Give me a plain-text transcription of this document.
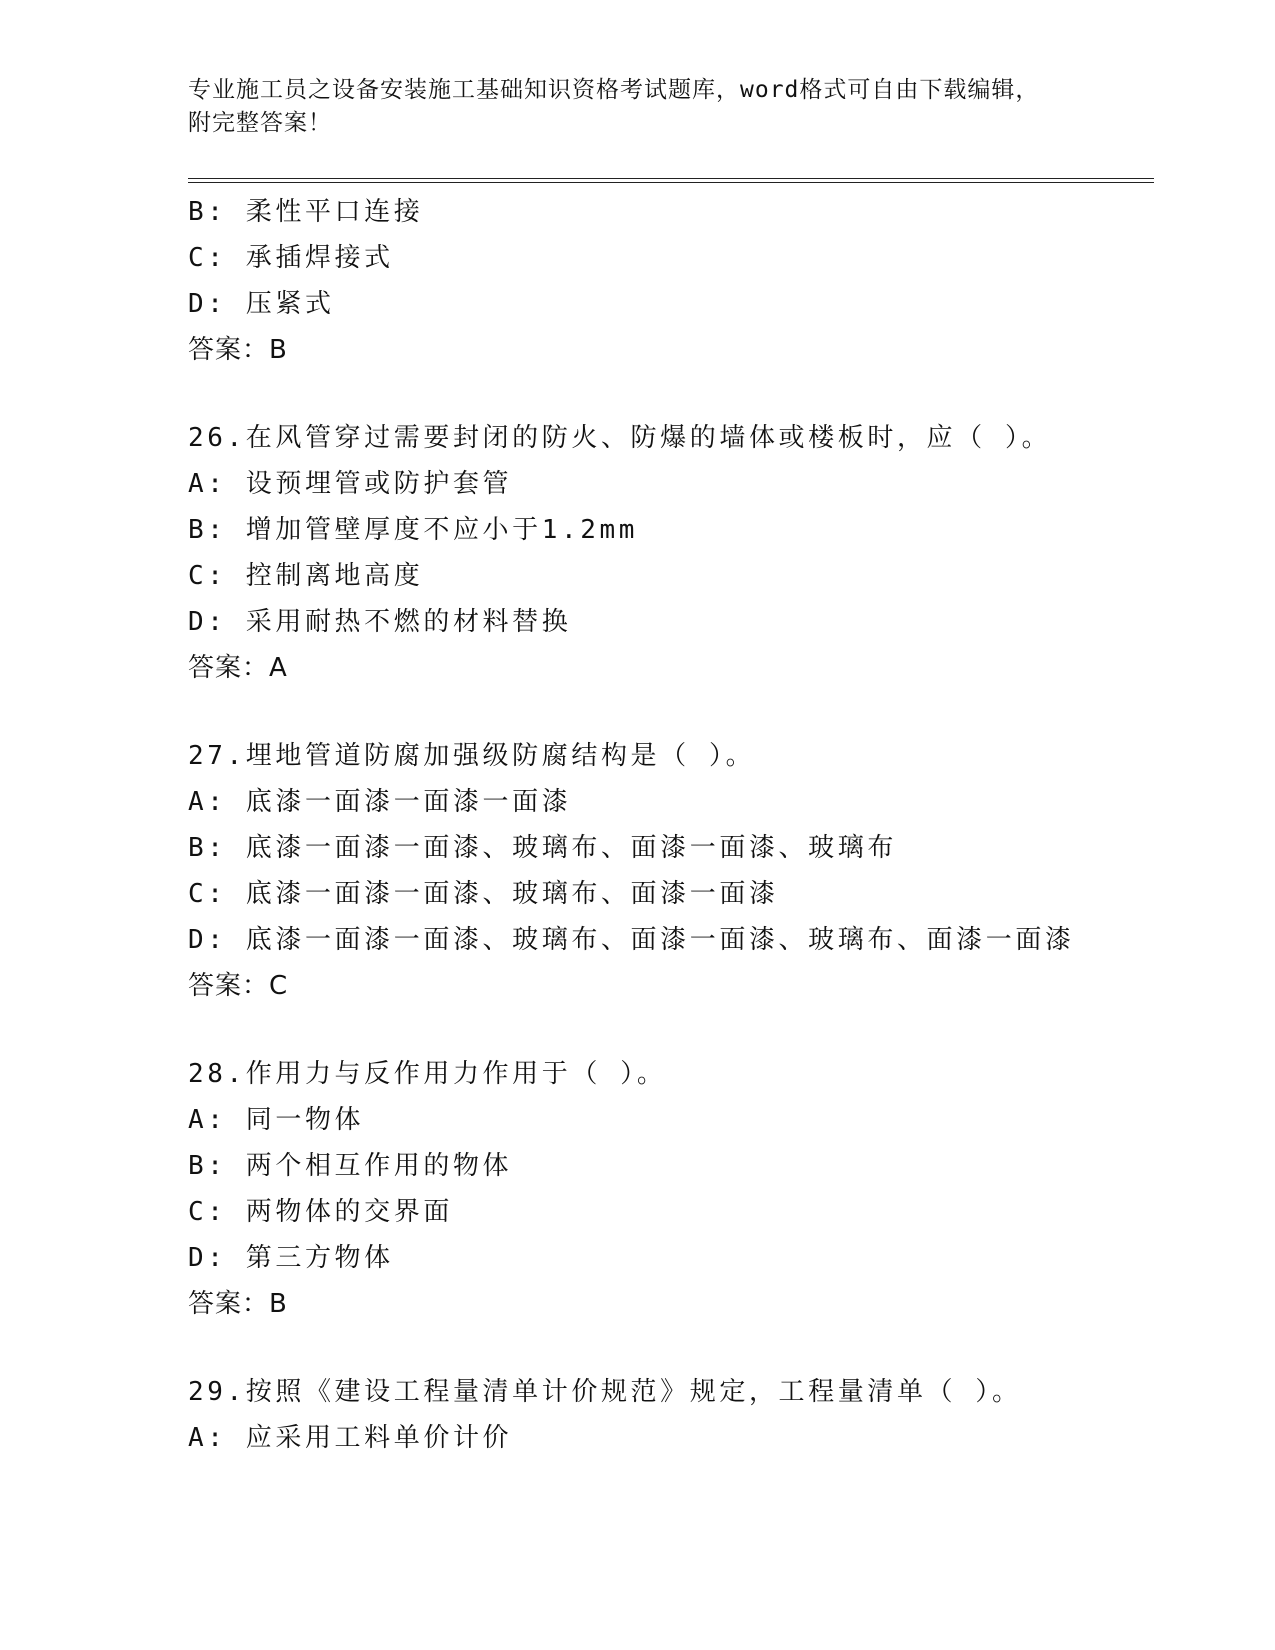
专业施工员之设备安装施工基础知识资格考试题库，word格式可自由下载编辑，
附完整答案！
B: 柔性平口连接
C: 承插焊接式
D: 压紧式
答案：B
26.在风管穿过需要封闭的防火、防爆的墙体或楼板时，应（ ）。
A: 设预埋管或防护套管
B: 增加管壁厚度不应小于1.2mm
C: 控制离地高度
D: 采用耐热不燃的材料替换
答案：A
27.埋地管道防腐加强级防腐结构是（ ）。
A: 底漆一面漆一面漆一面漆
B: 底漆一面漆一面漆、玻璃布、面漆一面漆、玻璃布
C: 底漆一面漆一面漆、玻璃布、面漆一面漆
D: 底漆一面漆一面漆、玻璃布、面漆一面漆、玻璃布、面漆一面漆
答案：C
28.作用力与反作用力作用于（ ）。
A: 同一物体
B: 两个相互作用的物体
C: 两物体的交界面
D: 第三方物体
答案：B
29.按照《建设工程量清单计价规范》规定，工程量清单（ ）。
A: 应采用工料单价计价
